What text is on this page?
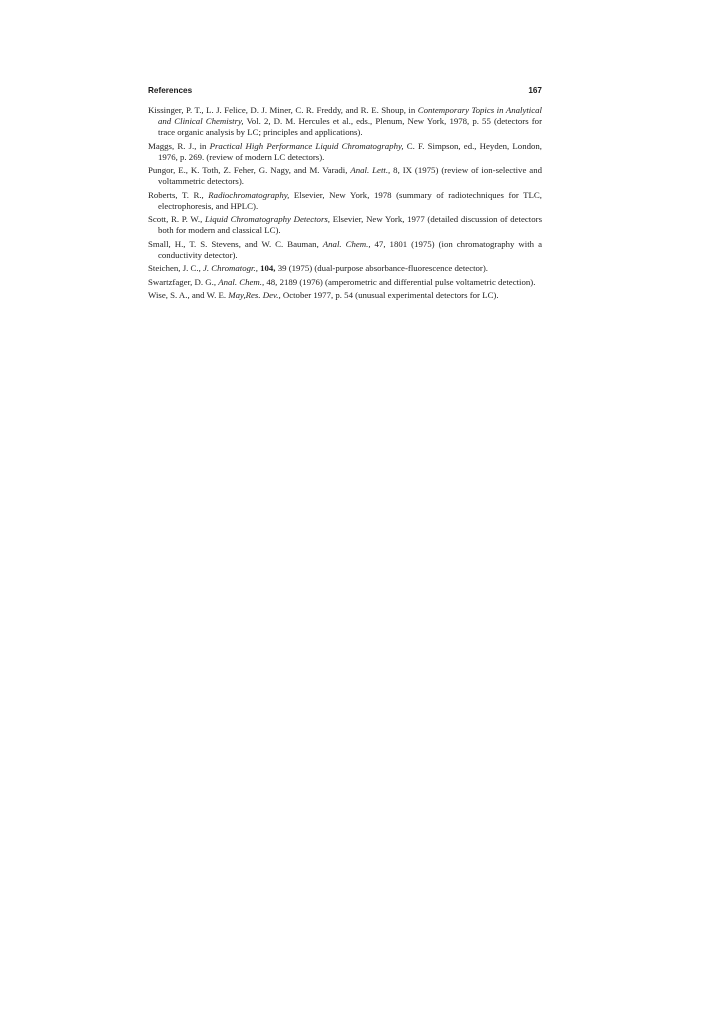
References	167
Kissinger, P. T., L. J. Felice, D. J. Miner, C. R. Freddy, and R. E. Shoup, in Contemporary Topics in Analytical and Clinical Chemistry, Vol. 2, D. M. Hercules et al., eds., Plenum, New York, 1978, p. 55 (detectors for trace organic analysis by LC; principles and applications).
Maggs, R. J., in Practical High Performance Liquid Chromatography, C. F. Simpson, ed., Heyden, London, 1976, p. 269. (review of modern LC detectors).
Pungor, E., K. Toth, Z. Feher, G. Nagy, and M. Varadi, Anal. Lett., 8, IX (1975) (review of ion-selective and voltammetric detectors).
Roberts, T. R., Radiochromatography, Elsevier, New York, 1978 (summary of radiotechniques for TLC, electrophoresis, and HPLC).
Scott, R. P. W., Liquid Chromatography Detectors, Elsevier, New York, 1977 (detailed discussion of detectors both for modern and classical LC).
Small, H., T. S. Stevens, and W. C. Bauman, Anal. Chem., 47, 1801 (1975) (ion chromatography with a conductivity detector).
Steichen, J. C., J. Chromatogr., 104, 39 (1975) (dual-purpose absorbance-fluorescence detector).
Swartzfager, D. G., Anal. Chem., 48, 2189 (1976) (amperometric and differential pulse voltametric detection).
Wise, S. A., and W. E. May,Res. Dev., October 1977, p. 54 (unusual experimental detectors for LC).
